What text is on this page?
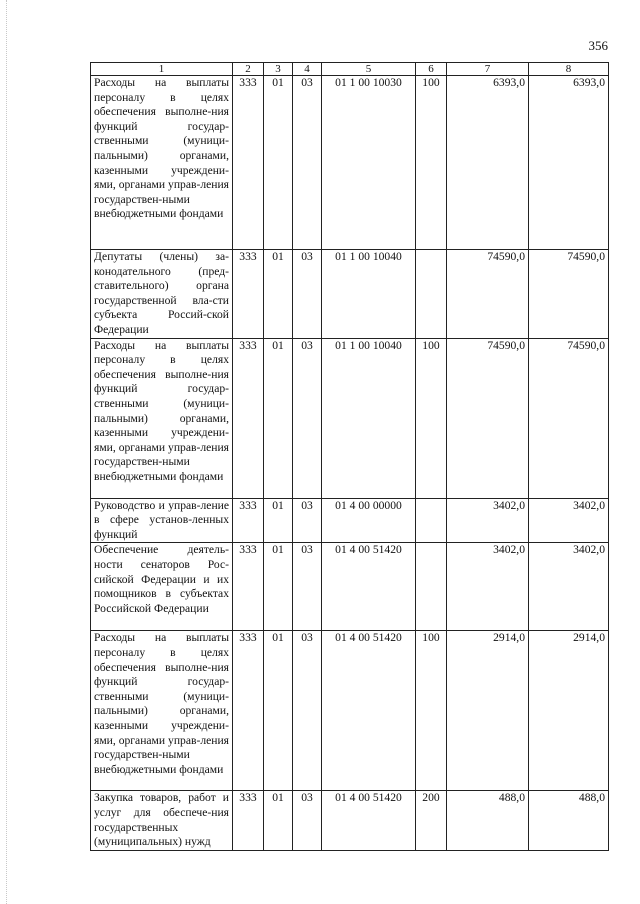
356
1	2	3	4	5	6	7	8
Расходы на выплаты персоналу в целях обеспечения выполне-ния функций государ-ственными (муници-пальными) органами, казенными учреждени-ями, органами управ-ления государствен-ными внебюджетными фондами	333	01	03	01 1 00 10030	100	6393,0	6393,0
Депутаты (члены) за-конодательного (пред-ставительного) органа государственной вла-сти субъекта Россий-ской Федерации	333	01	03	01 1 00 10040		74590,0	74590,0
Расходы на выплаты персоналу в целях обеспечения выполне-ния функций государ-ственными (муници-пальными) органами, казенными учреждени-ями, органами управ-ления государствен-ными внебюджетными фондами	333	01	03	01 1 00 10040	100	74590,0	74590,0
Руководство и управ-ление в сфере установ-ленных функций	333	01	03	01 4 00 00000		3402,0	3402,0
Обеспечение деятель-ности сенаторов Рос-сийской Федерации и их помощников в субъектах Российской Федерации	333	01	03	01 4 00 51420		3402,0	3402,0
Расходы на выплаты персоналу в целях обеспечения выполне-ния функций государ-ственными (муници-пальными) органами, казенными учреждени-ями, органами управ-ления государствен-ными внебюджетными фондами	333	01	03	01 4 00 51420	100	2914,0	2914,0
Закупка товаров, работ и услуг для обеспече-ния государственных (муниципальных) нужд	333	01	03	01 4 00 51420	200	488,0	488,0
